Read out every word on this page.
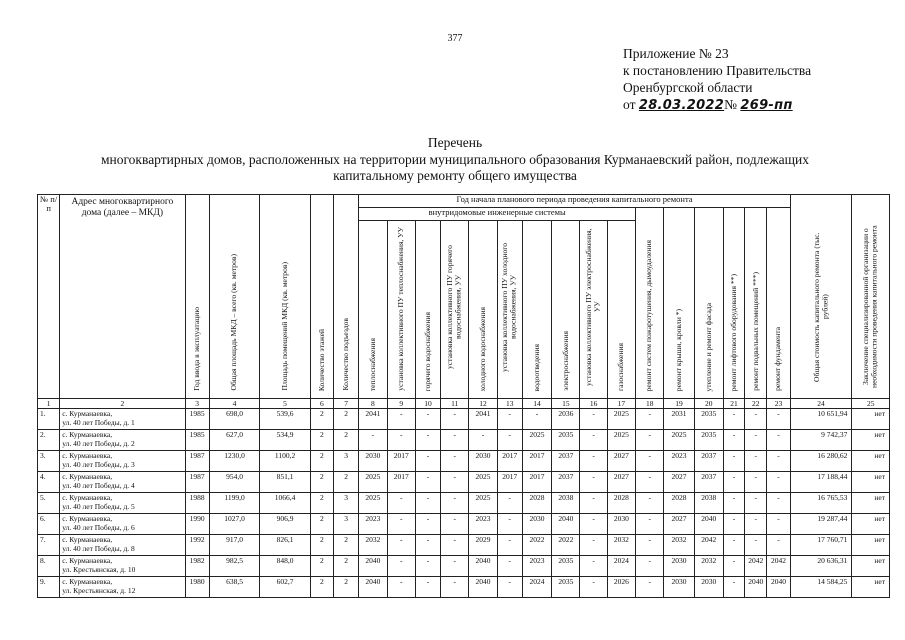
377
Приложение № 23
к постановлению Правительства
Оренбургской области
от 28.03.2022№ 269-пп
Перечень
многоквартирных домов, расположенных на территории муниципального образования Курманаевский район, подлежащих
капитальному ремонту общего имущества
№ п/п	Адрес многоквартирного дома (далее – МКД)	Год ввода в эксплуатацию	Общая площадь МКД – всего (кв. метров)	Площадь помещений МКД (кв. метров)	Количество этажей	Количество подъездов	Год начала планового периода проведения капитального ремонта																Общая стоимость капитального ремонта (тыс. рублей)	Заключение специализированной организации о необходимости проведения капитального ремонта
							внутридомовые инженерные системы										ремонт систем пожаротушения, дымоудаления	ремонт крыши, кровли *)	утепление и ремонт фасада	ремонт лифтового оборудования **)	ремонт подвальных помещений ***)	ремонт фундамента		
							теплоснабжения	установка коллективного ПУ теплоснабжения, УУ	горячего водоснабжения	установка коллективного ПУ горячего водоснабжения, УУ	холодного водоснабжения	установка коллективного ПУ холодного водоснабжения, УУ	водоотведения	электроснабжения	установка коллективного ПУ электроснабжения, УУ	газоснабжения								
1	2	3	4	5	6	7	8	9	10	11	12	13	14	15	16	17	18	19	20	21	22	23	24	25
1.	с. Курманаевка,
ул. 40 лет Победы, д. 1	1985	698,0	539,6	2	2	2041	-	-	-	2041	-	-	2036	-	2025	-	2031	2035	-	-	-	10 651,94	нет
2.	с. Курманаевка,
ул. 40 лет Победы, д. 2	1985	627,0	534,9	2	2	-	-	-	-	-	-	2025	2035	-	2025	-	2025	2035	-	-	-	9 742,37	нет
3.	с. Курманаевка,
ул. 40 лет Победы, д. 3	1987	1230,0	1100,2	2	3	2030	2017	-	-	2030	2017	2017	2037	-	2027	-	2023	2037	-	-	-	16 280,62	нет
4.	с. Курманаевка,
ул. 40 лет Победы, д. 4	1987	954,0	851,1	2	2	2025	2017	-	-	2025	2017	2017	2037	-	2027	-	2027	2037	-	-	-	17 188,44	нет
5.	с. Курманаевка,
ул. 40 лет Победы, д. 5	1988	1199,0	1066,4	2	3	2025	-	-	-	2025	-	2028	2038	-	2028	-	2028	2038	-	-	-	16 765,53	нет
6.	с. Курманаевка,
ул. 40 лет Победы, д. 6	1990	1027,0	906,9	2	3	2023	-	-	-	2023	-	2030	2040	-	2030	-	2027	2040	-	-	-	19 287,44	нет
7.	с. Курманаевка,
ул. 40 лет Победы, д. 8	1992	917,0	826,1	2	2	2032	-	-	-	2029	-	2022	2022	-	2032	-	2032	2042	-	-	-	17 760,71	нет
8.	с. Курманаевка,
ул. Крестьянская, д. 10	1982	982,5	848,0	2	2	2040	-	-	-	2040	-	2023	2035	-	2024	-	2030	2032	-	2042	2042	20 636,31	нет
9.	с. Курманаевка,
ул. Крестьянская, д. 12	1980	638,5	602,7	2	2	2040	-	-	-	2040	-	2024	2035	-	2026	-	2030	2030	-	2040	2040	14 584,25	нет
